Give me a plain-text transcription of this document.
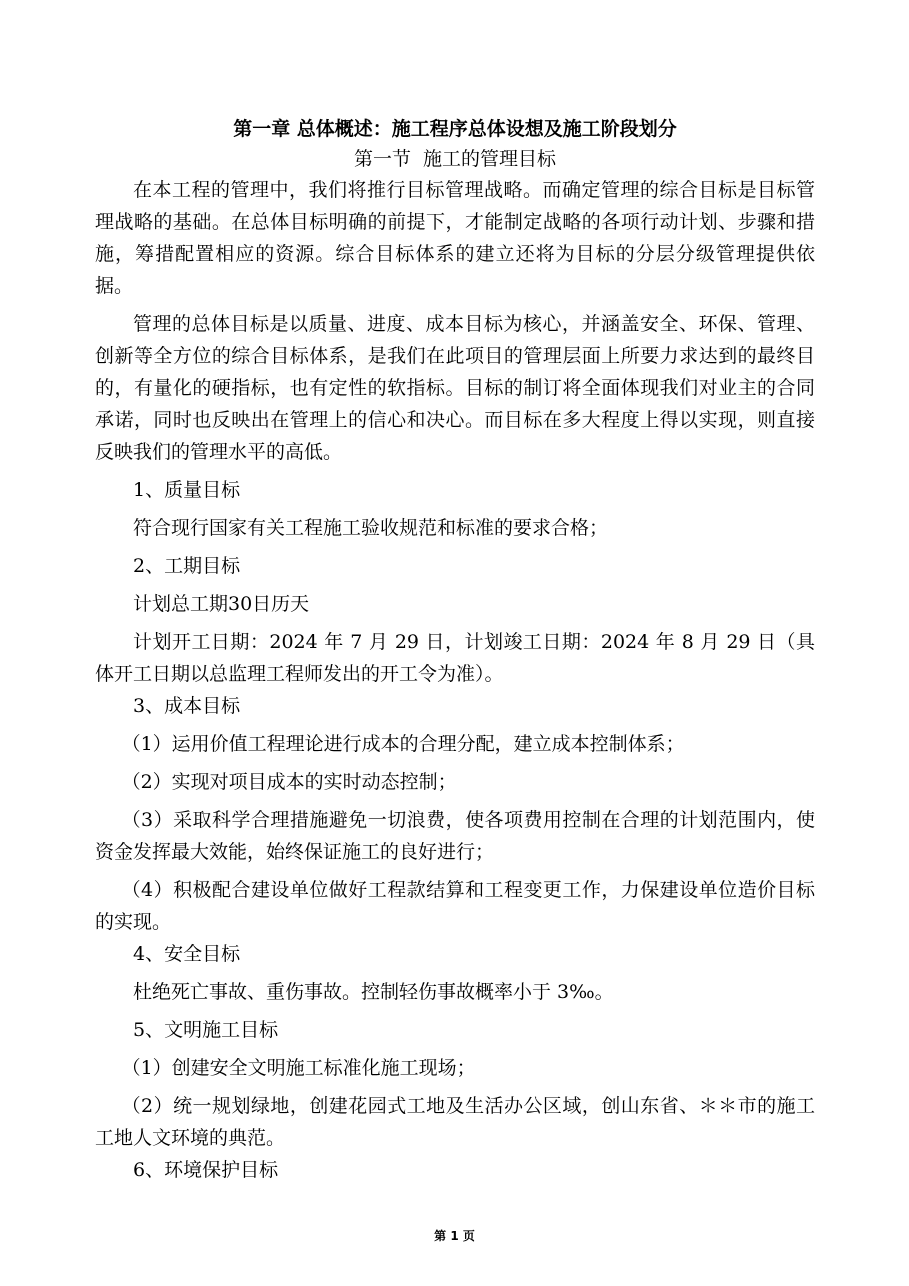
第一章 总体概述：施工程序总体设想及施工阶段划分
第一节 施工的管理目标

在本工程的管理中，我们将推行目标管理战略。而确定管理的综合目标是目标管理战略的基础。在总体目标明确的前提下，才能制定战略的各项行动计划、步骤和措施，筹措配置相应的资源。综合目标体系的建立还将为目标的分层分级管理提供依据。

管理的总体目标是以质量、进度、成本目标为核心，并涵盖安全、环保、管理、创新等全方位的综合目标体系，是我们在此项目的管理层面上所要力求达到的最终目的，有量化的硬指标，也有定性的软指标。目标的制订将全面体现我们对业主的合同承诺，同时也反映出在管理上的信心和决心。而目标在多大程度上得以实现，则直接反映我们的管理水平的高低。

1、质量目标

符合现行国家有关工程施工验收规范和标准的要求合格；

2、工期目标

计划总工期30日历天

计划开工日期：2024 年 7 月 29 日，计划竣工日期：2024 年 8 月 29 日（具 体开工日期以总监理工程师发出的开工令为准）。

3、成本目标

（1）运用价值工程理论进行成本的合理分配，建立成本控制体系；

（2）实现对项目成本的实时动态控制；

（3）采取科学合理措施避免一切浪费，使各项费用控制在合理的计划范围内，使资金发挥最大效能，始终保证施工的良好进行；

（4）积极配合建设单位做好工程款结算和工程变更工作，力保建设单位造价目标的实现。

4、安全目标

杜绝死亡事故、重伤事故。控制轻伤事故概率小于 3‰。

5、文明施工目标

（1）创建安全文明施工标准化施工现场；

（2）统一规划绿地，创建花园式工地及生活办公区域，创山东省、＊＊市的施工工地人文环境的典范。

6、环境保护目标

第 1 页
